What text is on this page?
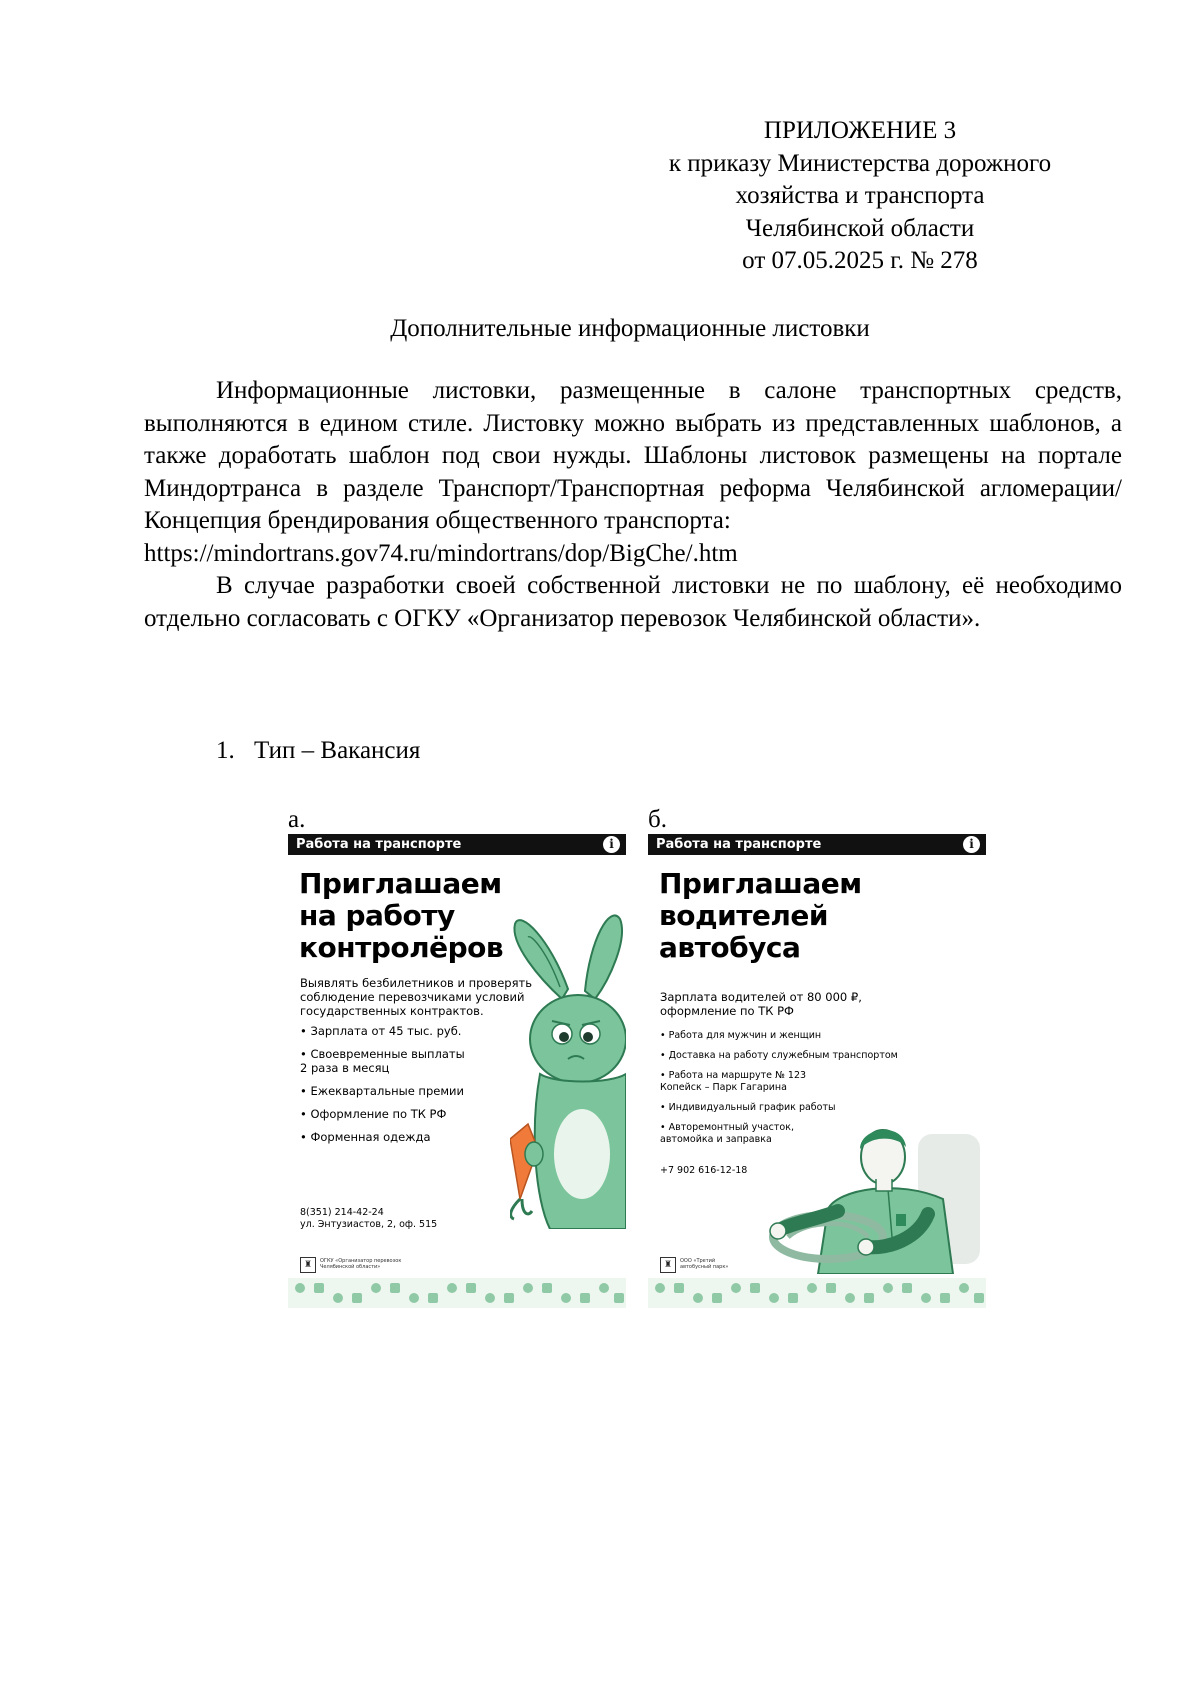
ПРИЛОЖЕНИЕ 3
к приказу Министерства дорожного
хозяйства и транспорта
Челябинской области
от 07.05.2025 г. № 278
Дополнительные информационные листовки

Информационные листовки, размещенные в салоне транспортных средств, выполняются в едином стиле. Листовку можно выбрать из представленных шаблонов, а также доработать шаблон под свои нужды. Шаблоны листовок размещены на портале Миндортранса в разделе Транспорт/Транспортная реформа Челябинской агломерации/Концепция брендирования общественного транспорта:

https://mindortrans.gov74.ru/mindortrans/dop/BigChe/.htm

В случае разработки своей собственной листовки не по шаблону, её необходимо отдельно согласовать с ОГКУ «Организатор перевозок Челябинской области».

1. Тип – Вакансия
а.	б.
Работа на транспорте	i
Приглашаем
на работу
контролёров
Выявлять безбилетников и проверять
соблюдение перевозчиками условий
государственных контрактов.
• Зарплата от 45 тыс. руб.
• Своевременные выплаты
2 раза в месяц
• Ежеквартальные премии
• Оформление по ТК РФ
• Форменная одежда
8(351) 214-42-24
ул. Энтузиастов, 2, оф. 515
♜	ОГКУ «Организатор перевозок
Челябинской области»
Работа на транспорте	i
Приглашаем
водителей
автобуса
Зарплата водителей от 80 000 ₽,
оформление по ТК РФ
• Работа для мужчин и женщин
• Доставка на работу служебным транспортом
• Работа на маршруте № 123
Копейск – Парк Гагарина
• Индивидуальный график работы
• Авторемонтный участок,
автомойка и заправка
+7 902 616-12-18
♜	ООО «Третий
автобусный парк»
